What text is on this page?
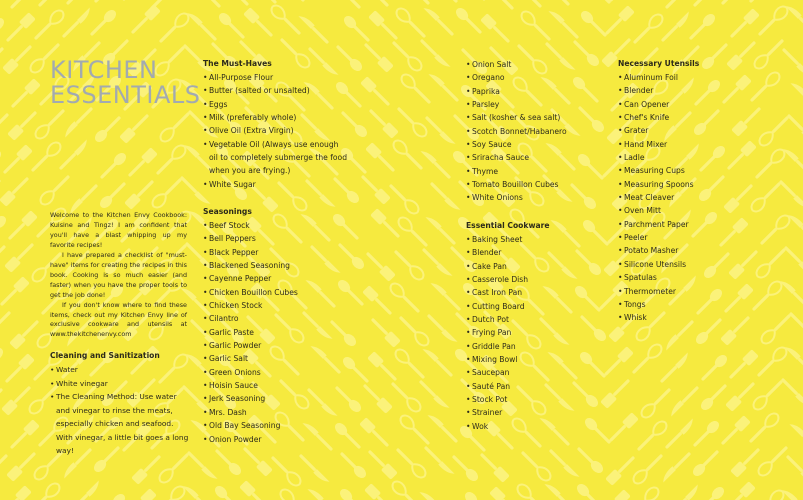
KITCHEN
ESSENTIALS

Welcome to the Kitchen Envy Cookbook: Kuisine and Tingz! I am confident that you'll have a blast whipping up my favorite recipes!

I have prepared a checklist of "must-have" items for creating the recipes in this book. Cooking is so much easier (and faster) when you have the proper tools to get the job done!

If you don't know where to find these items, check out my Kitchen Envy line of exclusive cookware and utensils at www.thekitchenenvy.com

Cleaning and Sanitization
• Water
• White vinegar
• The Cleaning Method: Use water and vinegar to rinse the meats, especially chicken and seafood. With vinegar, a little bit goes a long way!
The Must-Haves
• All-Purpose Flour
• Butter (salted or unsalted)
• Eggs
• Milk (preferably whole)
• Olive Oil (Extra Virgin)
• Vegetable Oil (Always use enough
oil to completely submerge the food
when you are frying.)
• White Sugar
Seasonings
• Beef Stock
• Bell Peppers
• Black Pepper
• Blackened Seasoning
• Cayenne Pepper
• Chicken Bouillon Cubes
• Chicken Stock
• Cilantro
• Garlic Paste
• Garlic Powder
• Garlic Salt
• Green Onions
• Hoisin Sauce
• Jerk Seasoning
• Mrs. Dash
• Old Bay Seasoning
• Onion Powder
• Onion Salt
• Oregano
• Paprika
• Parsley
• Salt (kosher & sea salt)
• Scotch Bonnet/Habanero
• Soy Sauce
• Sriracha Sauce
• Thyme
• Tomato Bouillon Cubes
• White Onions
Essential Cookware
• Baking Sheet
• Blender
• Cake Pan
• Casserole Dish
• Cast Iron Pan
• Cutting Board
• Dutch Pot
• Frying Pan
• Griddle Pan
• Mixing Bowl
• Saucepan
• Sauté Pan
• Stock Pot
• Strainer
• Wok
Necessary Utensils
• Aluminum Foil
• Blender
• Can Opener
• Chef's Knife
• Grater
• Hand Mixer
• Ladle
• Measuring Cups
• Measuring Spoons
• Meat Cleaver
• Oven Mitt
• Parchment Paper
• Peeler
• Potato Masher
• Silicone Utensils
• Spatulas
• Thermometer
• Tongs
• Whisk
